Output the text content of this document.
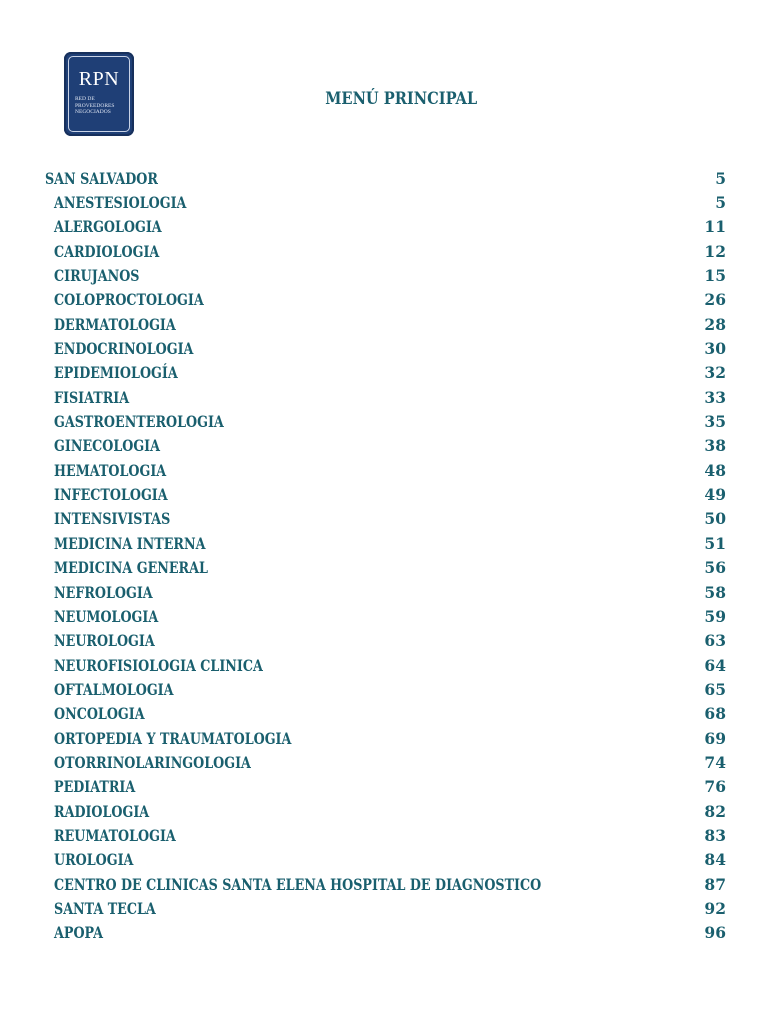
RPN
RED DE
PROVEEDORES
NEGOCIADOS
MENÚ PRINCIPAL
SAN SALVADOR	5
ANESTESIOLOGIA	5
ALERGOLOGIA	11
CARDIOLOGIA	12
CIRUJANOS	15
COLOPROCTOLOGIA	26
DERMATOLOGIA	28
ENDOCRINOLOGIA	30
EPIDEMIOLOGÍA	32
FISIATRIA	33
GASTROENTEROLOGIA	35
GINECOLOGIA	38
HEMATOLOGIA	48
INFECTOLOGIA	49
INTENSIVISTAS	50
MEDICINA INTERNA	51
MEDICINA GENERAL	56
NEFROLOGIA	58
NEUMOLOGIA	59
NEUROLOGIA	63
NEUROFISIOLOGIA CLINICA	64
OFTALMOLOGIA	65
ONCOLOGIA	68
ORTOPEDIA Y TRAUMATOLOGIA	69
OTORRINOLARINGOLOGIA	74
PEDIATRIA	76
RADIOLOGIA	82
REUMATOLOGIA	83
UROLOGIA	84
CENTRO DE CLINICAS SANTA ELENA HOSPITAL DE DIAGNOSTICO	87
SANTA TECLA	92
APOPA	96
